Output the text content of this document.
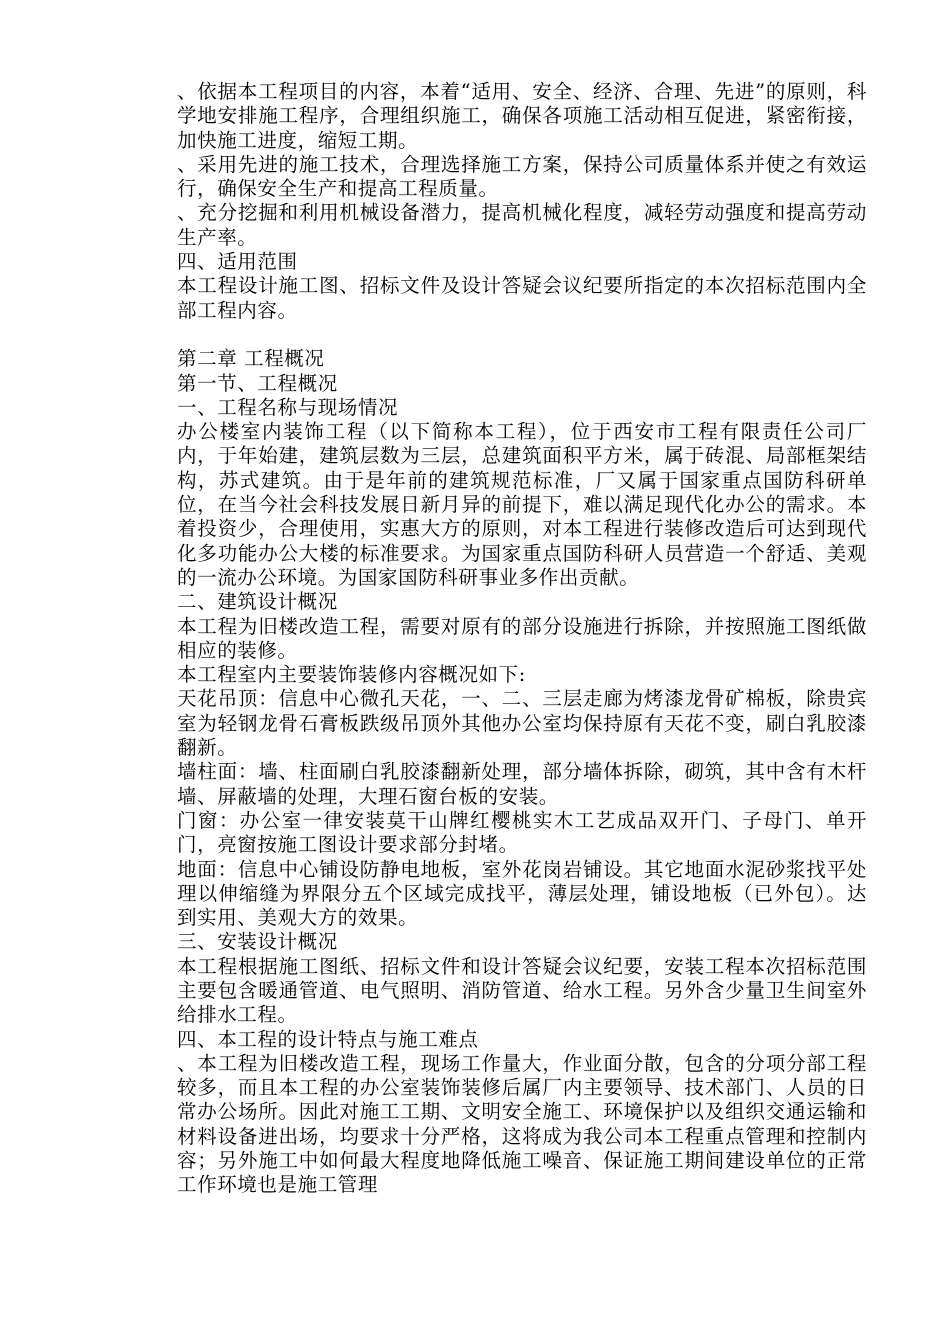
、依据本工程项目的内容，本着“适用、安全、经济、合理、先进”的原则，科学地安排施工程序，合理组织施工，确保各项施工活动相互促进，紧密衔接，加快施工进度，缩短工期。

、采用先进的施工技术，合理选择施工方案，保持公司质量体系并使之有效运行，确保安全生产和提高工程质量。

、充分挖掘和利用机械设备潜力，提高机械化程度，减轻劳动强度和提高劳动生产率。

四、适用范围

本工程设计施工图、招标文件及设计答疑会议纪要所指定的本次招标范围内全部工程内容。

第二章 工程概况

第一节、工程概况

一、工程名称与现场情况

办公楼室内装饰工程（以下简称本工程），位于西安市工程有限责任公司厂内，于年始建，建筑层数为三层，总建筑面积平方米，属于砖混、局部框架结构，苏式建筑。由于是年前的建筑规范标准，厂又属于国家重点国防科研单位，在当今社会科技发展日新月异的前提下，难以满足现代化办公的需求。本着投资少，合理使用，实惠大方的原则，对本工程进行装修改造后可达到现代化多功能办公大楼的标准要求。为国家重点国防科研人员营造一个舒适、美观的一流办公环境。为国家国防科研事业多作出贡献。

二、建筑设计概况

本工程为旧楼改造工程，需要对原有的部分设施进行拆除，并按照施工图纸做相应的装修。

本工程室内主要装饰装修内容概况如下:

天花吊顶：信息中心微孔天花，一、二、三层走廊为烤漆龙骨矿棉板，除贵宾室为轻钢龙骨石膏板跌级吊顶外其他办公室均保持原有天花不变，刷白乳胶漆翻新。

墙柱面：墙、柱面刷白乳胶漆翻新处理，部分墙体拆除，砌筑，其中含有木杆墙、屏蔽墙的处理，大理石窗台板的安装。

门窗：办公室一律安装莫干山牌红樱桃实木工艺成品双开门、子母门、单开门，亮窗按施工图设计要求部分封堵。

地面：信息中心铺设防静电地板，室外花岗岩铺设。其它地面水泥砂浆找平处理以伸缩缝为界限分五个区域完成找平，薄层处理，铺设地板（已外包）。达到实用、美观大方的效果。

三、安装设计概况

本工程根据施工图纸、招标文件和设计答疑会议纪要，安装工程本次招标范围主要包含暖通管道、电气照明、消防管道、给水工程。另外含少量卫生间室外给排水工程。

四、本工程的设计特点与施工难点

、本工程为旧楼改造工程，现场工作量大，作业面分散，包含的分项分部工程较多，而且本工程的办公室装饰装修后属厂内主要领导、技术部门、人员的日常办公场所。因此对施工工期、文明安全施工、环境保护以及组织交通运输和材料设备进出场，均要求十分严格，这将成为我公司本工程重点管理和控制内容；另外施工中如何最大程度地降低施工噪音、保证施工期间建设单位的正常工作环境也是施工管理
